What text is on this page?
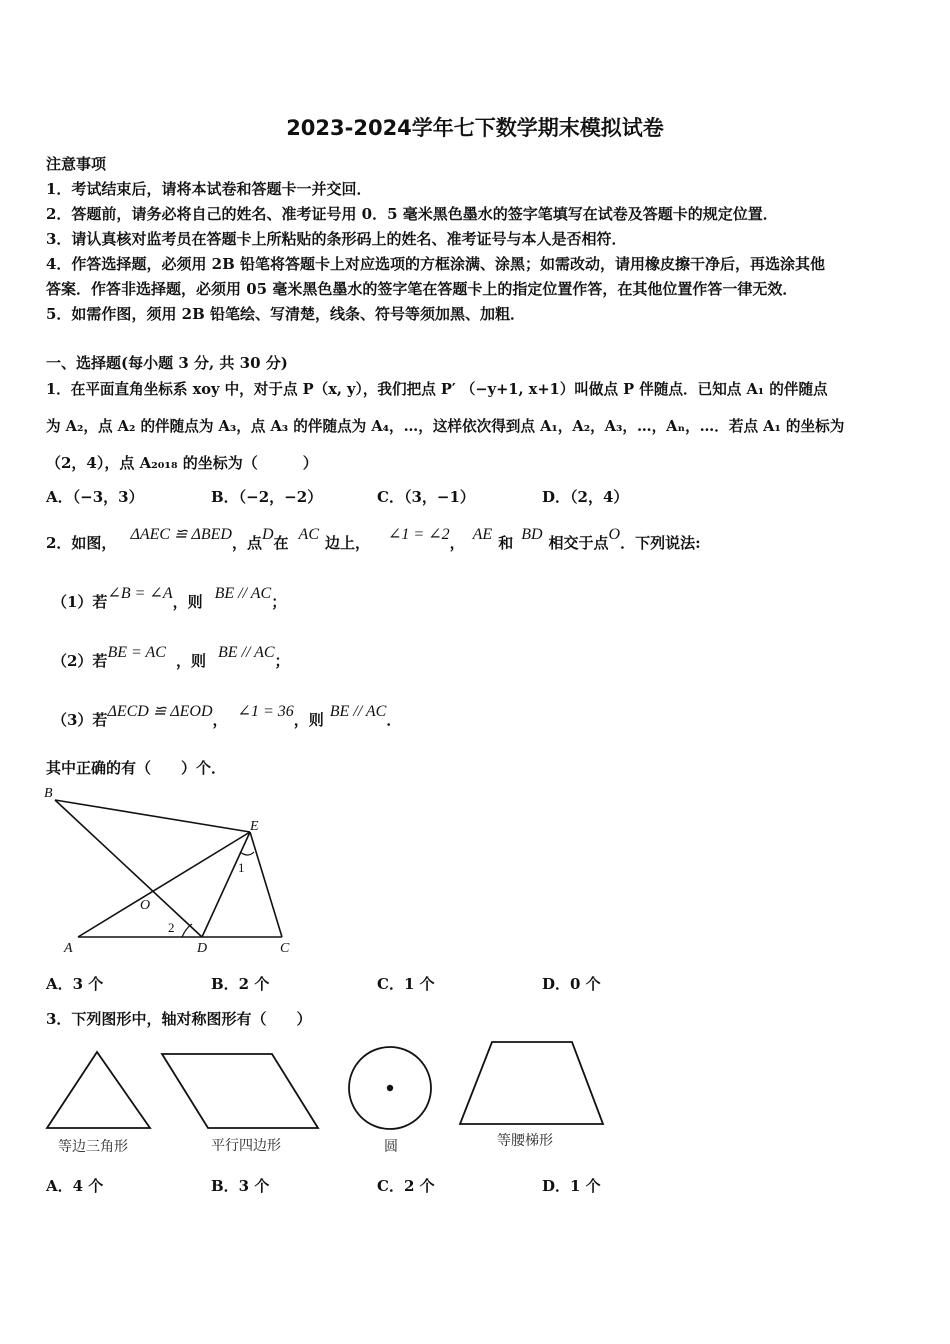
2023-2024学年七下数学期末模拟试卷
注意事项
1．考试结束后，请将本试卷和答题卡一并交回．
2．答题前，请务必将自己的姓名、准考证号用 0．5 毫米黑色墨水的签字笔填写在试卷及答题卡的规定位置．
3．请认真核对监考员在答题卡上所粘贴的条形码上的姓名、准考证号与本人是否相符．
4．作答选择题，必须用 2B 铅笔将答题卡上对应选项的方框涂满、涂黑；如需改动，请用橡皮擦干净后，再选涂其他
答案．作答非选择题，必须用 05 毫米黑色墨水的签字笔在答题卡上的指定位置作答，在其他位置作答一律无效．
5．如需作图，须用 2B 铅笔绘、写清楚，线条、符号等须加黑、加粗．
一、选择题(每小题 3 分, 共 30 分)
1．在平面直角坐标系 xoy 中，对于点 P（x, y），我们把点 P′ （−y+1, x+1）叫做点 P 伴随点．已知点 A₁ 的伴随点
为 A₂，点 A₂ 的伴随点为 A₃，点 A₃ 的伴随点为 A₄，…，这样依次得到点 A₁，A₂，A₃，…，Aₙ，…．若点 A₁ 的坐标为
（2，4），点 A₂₀₁₈ 的坐标为（　　　）
A．（−3，3）	B．（−2，−2）	C．（3，−1）	D．（2，4）
2．如图， ΔAEC ≌ ΔBED，点D在 AC 边上， ∠1 = ∠2， AE 和 BD 相交于点O．下列说法:
（1）若∠B = ∠A，则 BE // AC；
（2）若BE = AC ，则 BE // AC；
（3）若ΔECD ≌ ΔEOD， ∠1 = 36，则 BE // AC．
其中正确的有（　　）个．
B
E
O
A	D	C
1
2
A．3 个	B．2 个	C．1 个	D．0 个
3．下列图形中，轴对称图形有（　　）
等边三角形	平行四边形	圆	等腰梯形
A．4 个	B．3 个	C．2 个	D．1 个
